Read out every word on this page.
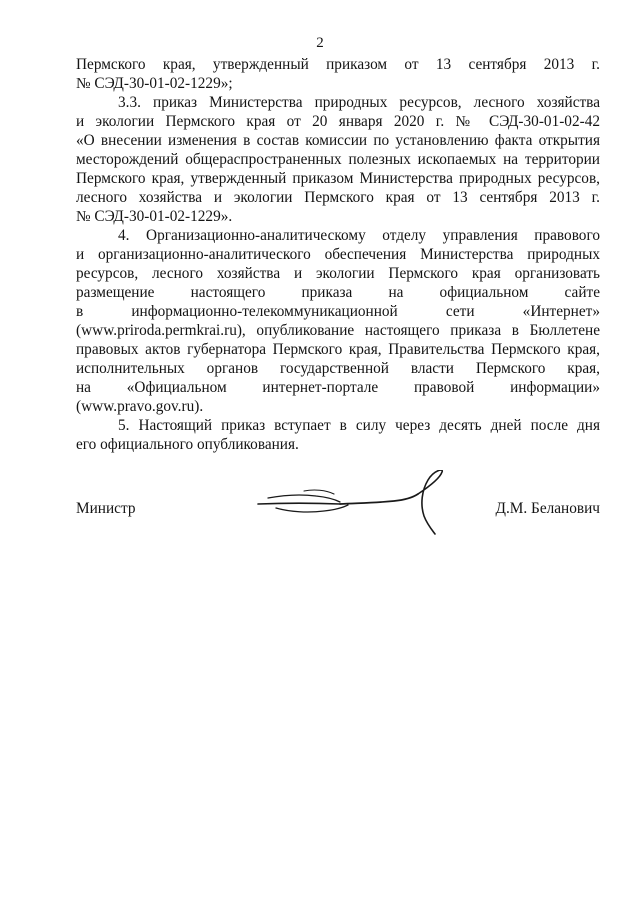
2
Пермского края, утвержденный приказом от 13 сентября 2013 г.
№ СЭД-30-01-02-1229»;
3.3. приказ Министерства природных ресурсов, лесного хозяйства
и экологии Пермского края от 20 января 2020 г. № СЭД-30-01-02-42
«О внесении изменения в состав комиссии по установлению факта открытия
месторождений общераспространенных полезных ископаемых на территории
Пермского края, утвержденный приказом Министерства природных ресурсов,
лесного хозяйства и экологии Пермского края от 13 сентября 2013 г.
№ СЭД-30-01-02-1229».
4. Организационно-аналитическому отделу управления правового
и организационно-аналитического обеспечения Министерства природных
ресурсов, лесного хозяйства и экологии Пермского края организовать
размещение настоящего приказа на официальном сайте
в информационно-телекоммуникационной сети «Интернет»
(www.priroda.permkrai.ru), опубликование настоящего приказа в Бюллетене
правовых актов губернатора Пермского края, Правительства Пермского края,
исполнительных органов государственной власти Пермского края,
на «Официальном интернет-портале правовой информации»
(www.pravo.gov.ru).
5. Настоящий приказ вступает в силу через десять дней после дня
его официального опубликования.
Министр	Д.М. Беланович
